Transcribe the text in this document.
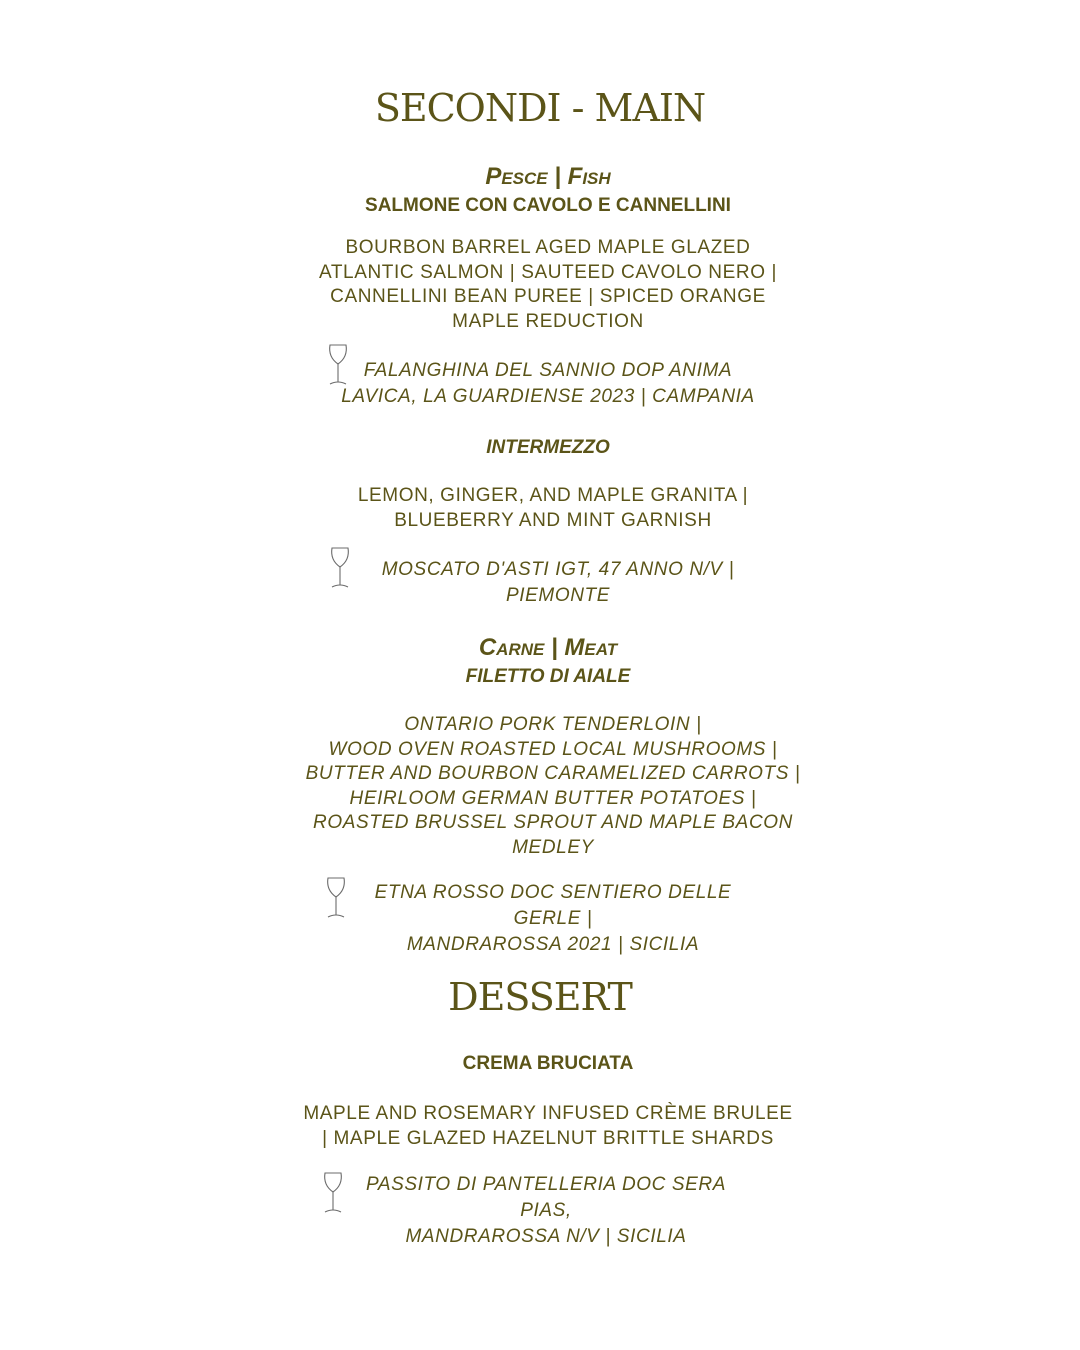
SECONDI - MAIN
Pesce | Fish
SALMONE CON CAVOLO E CANNELLINI
BOURBON BARREL AGED MAPLE GLAZED
ATLANTIC SALMON | SAUTEED CAVOLO NERO |
CANNELLINI BEAN PUREE | SPICED ORANGE
MAPLE REDUCTION
FALANGHINA DEL SANNIO DOP ANIMA
LAVICA, LA GUARDIENSE 2023 | CAMPANIA
INTERMEZZO
LEMON, GINGER, AND MAPLE GRANITA |
BLUEBERRY AND MINT GARNISH
MOSCATO D'ASTI IGT, 47 ANNO N/V |
PIEMONTE
Carne | Meat
FILETTO DI AIALE
ONTARIO PORK TENDERLOIN |
WOOD OVEN ROASTED LOCAL MUSHROOMS |
BUTTER AND BOURBON CARAMELIZED CARROTS |
HEIRLOOM GERMAN BUTTER POTATOES |
ROASTED BRUSSEL SPROUT AND MAPLE BACON
MEDLEY
ETNA ROSSO DOC SENTIERO DELLE GERLE |
MANDRAROSSA 2021 | SICILIA
DESSERT
CREMA BRUCIATA
MAPLE AND ROSEMARY INFUSED CRÈME BRULEE
| MAPLE GLAZED HAZELNUT BRITTLE SHARDS
PASSITO DI PANTELLERIA DOC SERA PIAS,
MANDRAROSSA N/V | SICILIA
